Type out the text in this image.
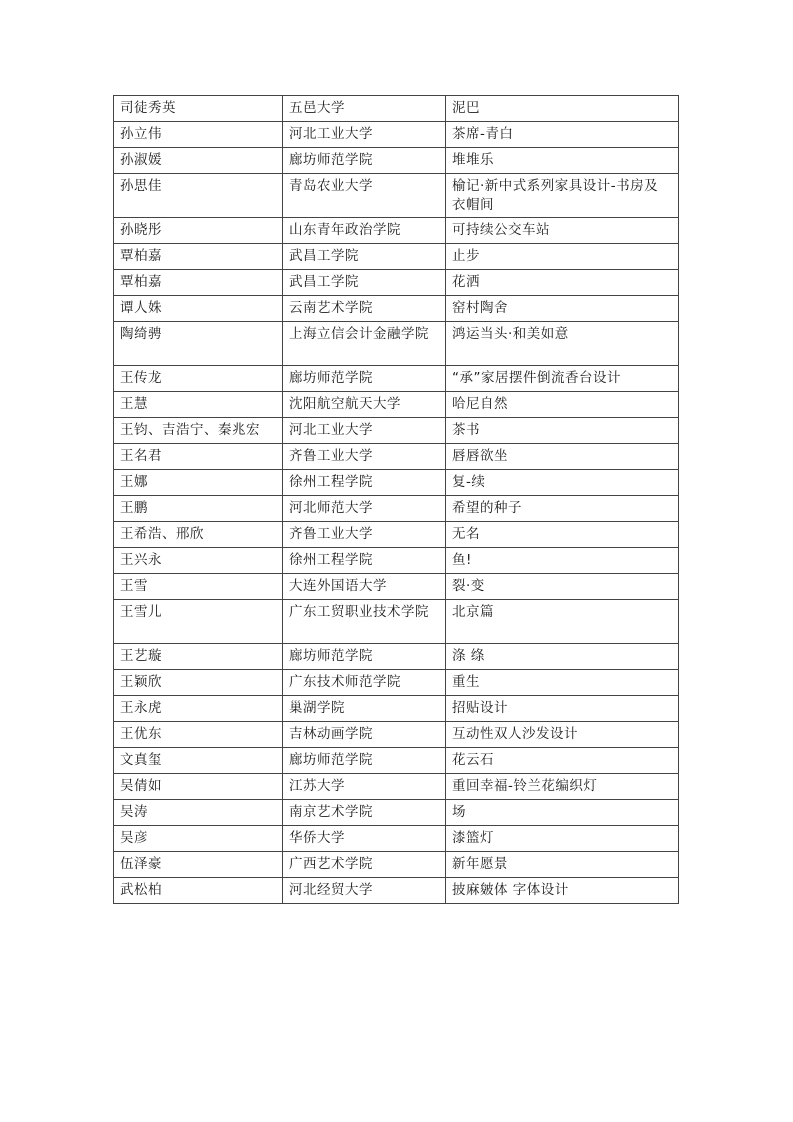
司徒秀英	五邑大学	泥巴
孙立伟	河北工业大学	茶席-青白
孙淑媛	廊坊师范学院	堆堆乐
孙思佳	青岛农业大学	榆记·新中式系列家具设计-书房及衣帽间
孙晓彤	山东青年政治学院	可持续公交车站
覃柏嘉	武昌工学院	止步
覃柏嘉	武昌工学院	花洒
谭人姝	云南艺术学院	窑村陶舍
陶绮骋	上海立信会计金融学院	鸿运当头·和美如意
王传龙	廊坊师范学院	“承”家居摆件倒流香台设计
王慧	沈阳航空航天大学	哈尼自然
王钧、吉浩宁、秦兆宏	河北工业大学	茶书
王名君	齐鲁工业大学	唇唇欲坐
王娜	徐州工程学院	复-续
王鹏	河北师范大学	希望的种子
王希浩、邢欣	齐鲁工业大学	无名
王兴永	徐州工程学院	鱼!
王雪	大连外国语大学	裂·变
王雪儿	广东工贸职业技术学院	北京篇
王艺璇	廊坊师范学院	涤 绦
王颖欣	广东技术师范学院	重生
王永虎	巢湖学院	招贴设计
王优东	吉林动画学院	互动性双人沙发设计
文真玺	廊坊师范学院	花云石
吴倩如	江苏大学	重回幸福-铃兰花编织灯
吴涛	南京艺术学院	场
吴彦	华侨大学	漆篮灯
伍泽豪	广西艺术学院	新年愿景
武松柏	河北经贸大学	披麻皴体 字体设计
